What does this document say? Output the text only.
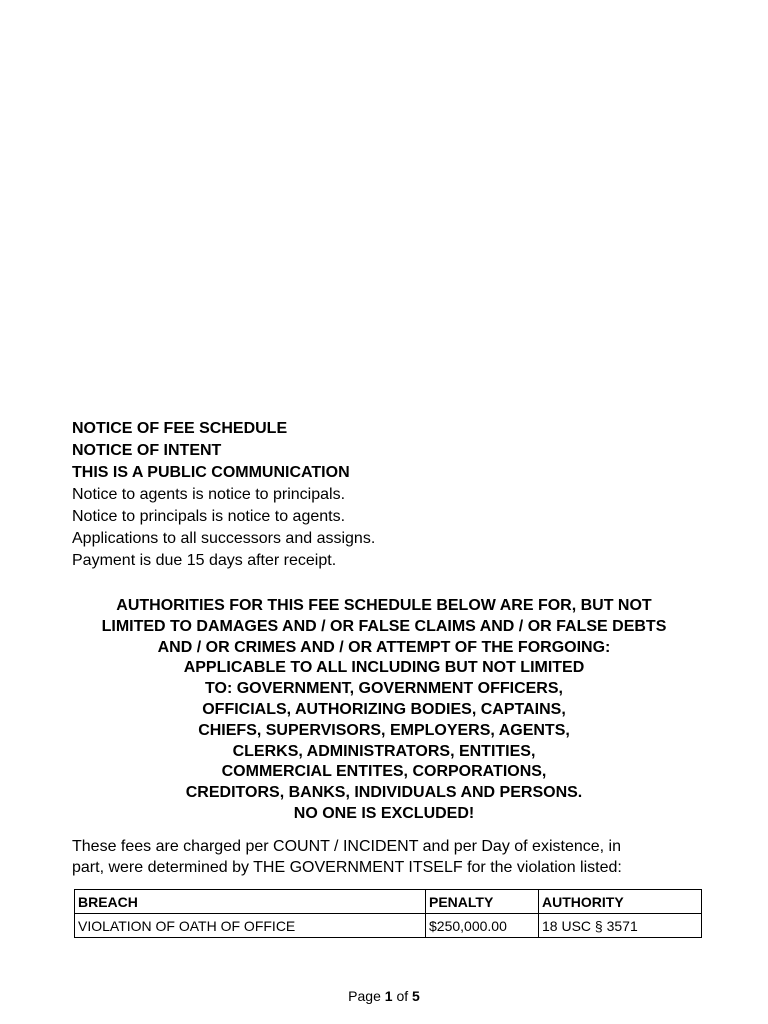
NOTICE OF FEE SCHEDULE
NOTICE OF INTENT
THIS IS A PUBLIC COMMUNICATION
Notice to agents is notice to principals.
Notice to principals is notice to agents.
Applications to all successors and assigns.
Payment is due 15 days after receipt.
AUTHORITIES FOR THIS FEE SCHEDULE BELOW ARE FOR, BUT NOT
LIMITED TO DAMAGES AND / OR FALSE CLAIMS AND / OR FALSE DEBTS
AND / OR CRIMES AND / OR ATTEMPT OF THE FORGOING:
APPLICABLE TO ALL INCLUDING BUT NOT LIMITED
TO: GOVERNMENT, GOVERNMENT OFFICERS,
OFFICIALS, AUTHORIZING BODIES, CAPTAINS,
CHIEFS, SUPERVISORS, EMPLOYERS, AGENTS,
CLERKS, ADMINISTRATORS, ENTITIES,
COMMERCIAL ENTITES, CORPORATIONS,
CREDITORS, BANKS, INDIVIDUALS AND PERSONS.
NO ONE IS EXCLUDED!
These fees are charged per COUNT / INCIDENT and per Day of existence, in
part, were determined by THE GOVERNMENT ITSELF for the violation listed:
BREACH	PENALTY	AUTHORITY
VIOLATION OF OATH OF OFFICE	$250,000.00	18 USC § 3571
Page 1 of 5
